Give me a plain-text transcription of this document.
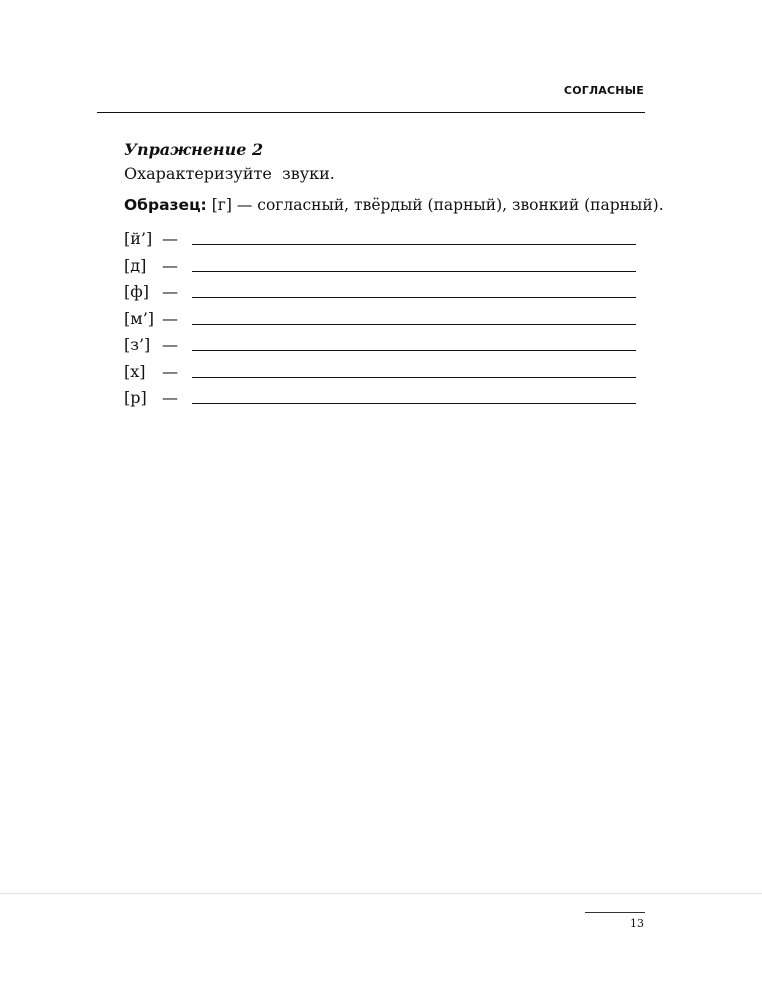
СОГЛАСНЫЕ
Упражнение 2
Охарактеризуйте  звуки.
Образец: [г] — согласный, твёрдый (парный), звонкий (парный).
[й’] —
[д] —
[ф] —
[м’] —
[з’] —
[х]	—
[р] —
13
